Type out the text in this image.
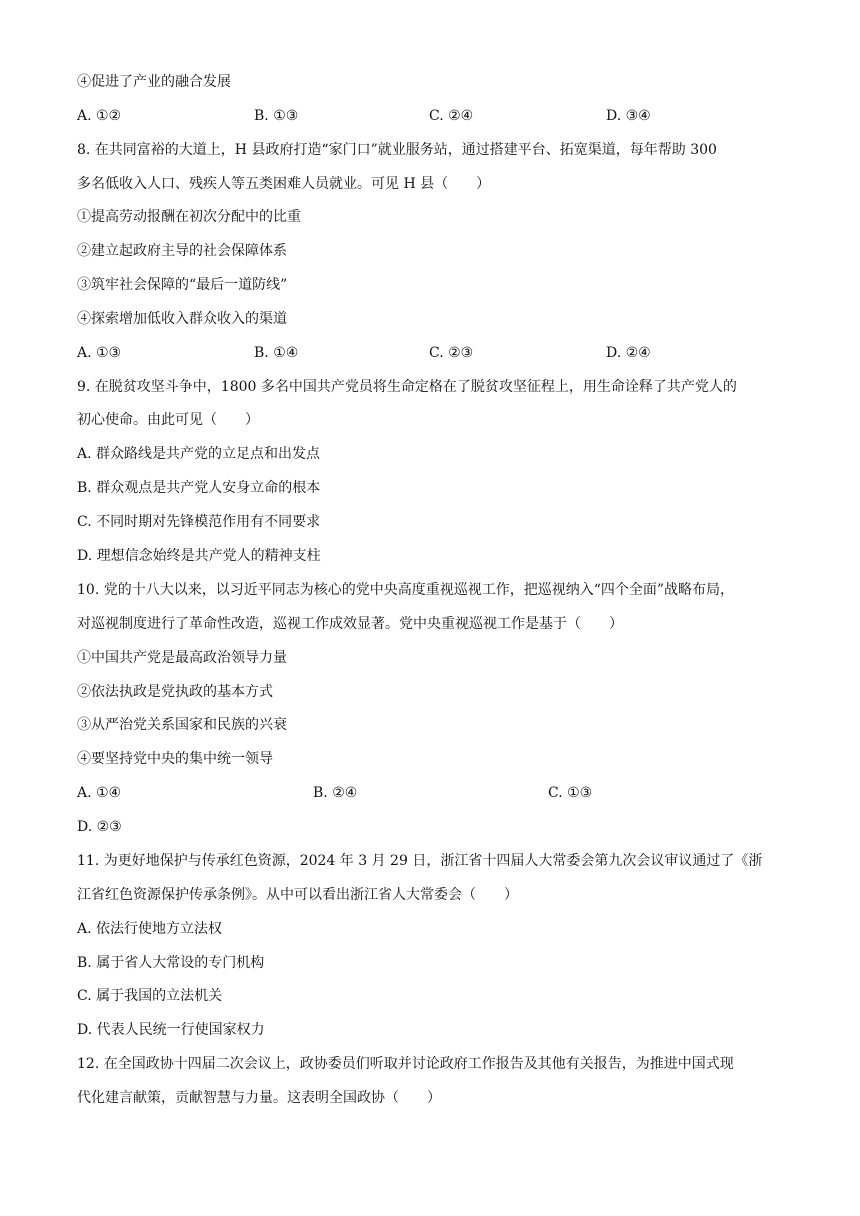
④促进了产业的融合发展
A. ①②	B. ①③	C. ②④	D. ③④
8. 在共同富裕的大道上，H 县政府打造“家门口”就业服务站，通过搭建平台、拓宽渠道，每年帮助 300
多名低收入人口、残疾人等五类困难人员就业。可见 H 县（　　）
①提高劳动报酬在初次分配中的比重
②建立起政府主导的社会保障体系
③筑牢社会保障的“最后一道防线”
④探索增加低收入群众收入的渠道
A. ①③	B. ①④	C. ②③	D. ②④
9. 在脱贫攻坚斗争中，1800 多名中国共产党员将生命定格在了脱贫攻坚征程上，用生命诠释了共产党人的
初心使命。由此可见（　　）
A. 群众路线是共产党的立足点和出发点
B. 群众观点是共产党人安身立命的根本
C. 不同时期对先锋模范作用有不同要求
D. 理想信念始终是共产党人的精神支柱
10. 党的十八大以来，以习近平同志为核心的党中央高度重视巡视工作，把巡视纳入“四个全面”战略布局，
对巡视制度进行了革命性改造，巡视工作成效显著。党中央重视巡视工作是基于（　　）
①中国共产党是最高政治领导力量
②依法执政是党执政的基本方式
③从严治党关系国家和民族的兴衰
④要坚持党中央的集中统一领导
A. ①④	B. ②④	C. ①③
D. ②③
11. 为更好地保护与传承红色资源，2024 年 3 月 29 日，浙江省十四届人大常委会第九次会议审议通过了《浙
江省红色资源保护传承条例》。从中可以看出浙江省人大常委会（　　）
A. 依法行使地方立法权
B. 属于省人大常设的专门机构
C. 属于我国的立法机关
D. 代表人民统一行使国家权力
12. 在全国政协十四届二次会议上，政协委员们听取并讨论政府工作报告及其他有关报告，为推进中国式现
代化建言献策，贡献智慧与力量。这表明全国政协（　　）
